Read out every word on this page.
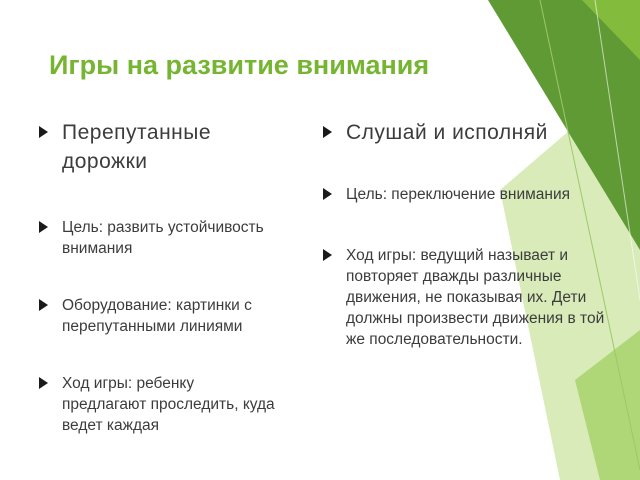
Игры на развитие внимания
Перепутанные дорожки
Цель: развить устойчивость внимания
Оборудование: картинки с перепутанными линиями
Ход игры: ребенку предлагают проследить, куда ведет каждая
Слушай и исполняй
Цель: переключение внимания
Ход игры: ведущий называет и повторяет дважды различные движения, не показывая их. Дети должны произвести движения в той же последовательности.
